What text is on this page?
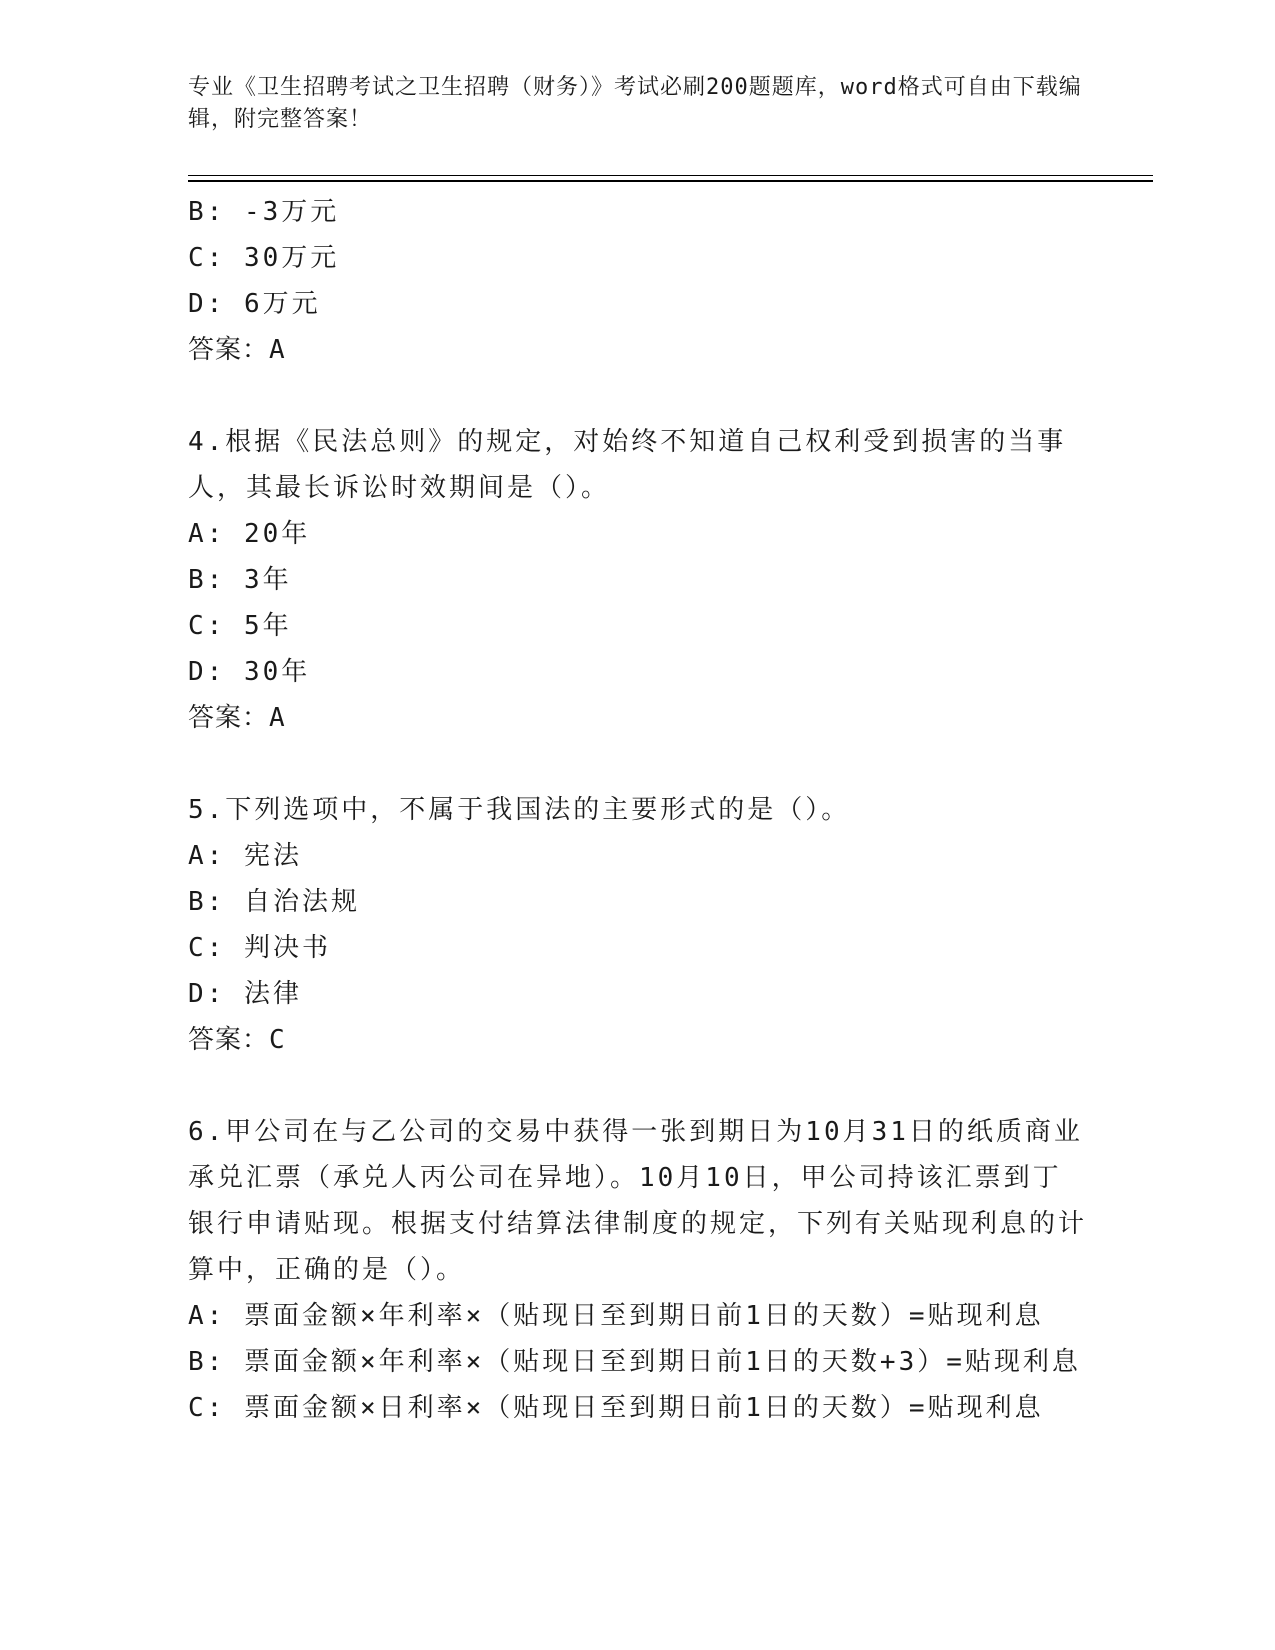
专业《卫生招聘考试之卫生招聘（财务）》考试必刷200题题库，word格式可自由下载编辑，附完整答案！
B: -3万元
C: 30万元
D: 6万元
答案：A
4.根据《民法总则》的规定，对始终不知道自己权利受到损害的当事人，其最长诉讼时效期间是（）。
A: 20年
B: 3年
C: 5年
D: 30年
答案：A
5.下列选项中，不属于我国法的主要形式的是（）。
A: 宪法
B: 自治法规
C: 判决书
D: 法律
答案：C
6.甲公司在与乙公司的交易中获得一张到期日为10月31日的纸质商业承兑汇票（承兑人丙公司在异地）。10月10日，甲公司持该汇票到丁银行申请贴现。根据支付结算法律制度的规定，下列有关贴现利息的计算中，正确的是（）。
A: 票面金额×年利率×（贴现日至到期日前1日的天数）=贴现利息
B: 票面金额×年利率×（贴现日至到期日前1日的天数+3）=贴现利息
C: 票面金额×日利率×（贴现日至到期日前1日的天数）=贴现利息
